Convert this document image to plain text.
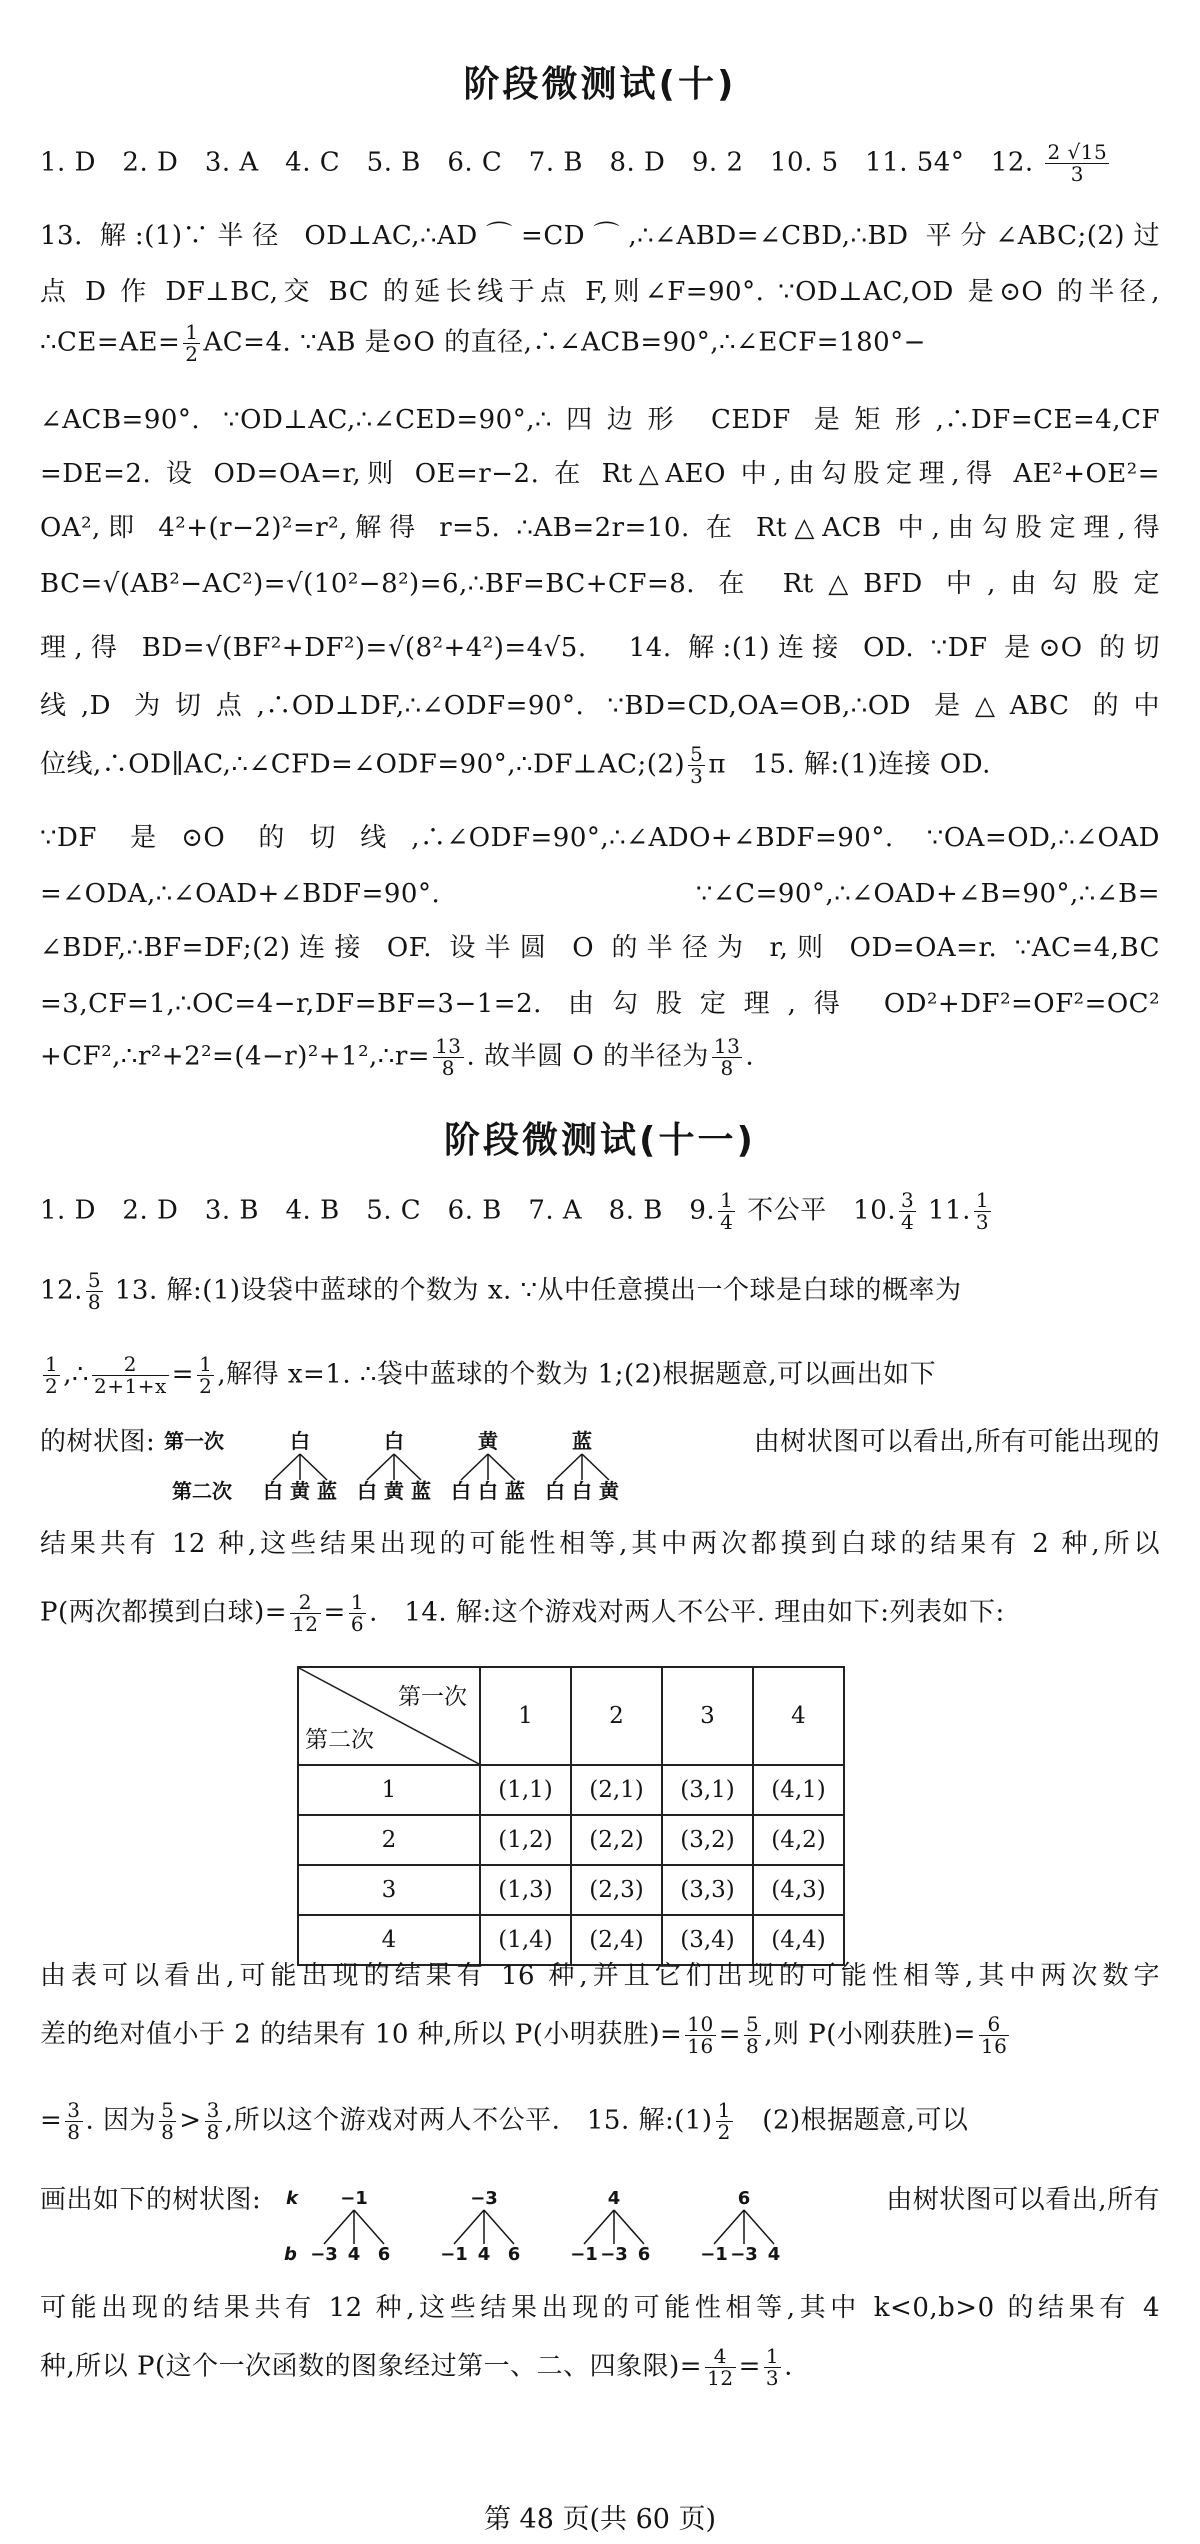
阶段微测试(十)
1. D　2. D　3. A　4. C　5. B　6. C　7. B　8. D　9. 2　10. 5　11. 54°　12. $\frac{2 √15}{3}$
13. 解:(1)∵半径 OD⊥AC,∴AD⌒=CD⌒,∴∠ABD=∠CBD,∴BD 平分∠ABC;(2)过
点 D 作 DF⊥BC,交 BC 的延长线于点 F,则∠F=90°. ∵OD⊥AC,OD 是⊙O 的半径,
∴CE=AE= $\frac{1}{2} AC=4$. ∵AB 是⊙O 的直径,∴∠ACB=90°,∴∠ECF=180°−
∠ACB=90°. ∵OD⊥AC,∴∠CED=90°,∴四边形 CEDF 是矩形,∴DF=CE=4,CF
=DE=2. 设 OD=OA=r,则 OE=r−2. 在 Rt△AEO 中,由勾股定理,得 AE²+OE²=
OA²,即 4²+(r−2)²=r²,解得 r=5. ∴AB=2r=10. 在 Rt△ACB 中,由勾股定理,得
BC=√(AB²−AC²)=√(10²−8²)=6,∴BF=BC+CF=8. 在 Rt△BFD 中,由勾股定
理,得 BD=√(BF²+DF²)=√(8²+4²)=4√5.　14. 解:(1)连接 OD. ∵DF 是⊙O 的切
线,D 为切点,∴OD⊥DF,∴∠ODF=90°. ∵BD=CD,OA=OB,∴OD 是△ABC 的中
位线,∴OD∥AC,∴∠CFD=∠ODF=90°,∴DF⊥AC;(2) $\frac{5}{3}$ π　15. 解:(1)连接 OD.
∵DF 是⊙O 的切线,∴∠ODF=90°,∴∠ADO+∠BDF=90°. ∵OA=OD,∴∠OAD
=∠ODA,∴∠OAD+∠BDF=90°. ∵∠C=90°,∴∠OAD+∠B=90°,∴∠B=
∠BDF,∴BF=DF;(2)连接 OF. 设半圆 O 的半径为 r,则 OD=OA=r. ∵AC=4,BC
=3,CF=1,∴OC=4−r,DF=BF=3−1=2. 由勾股定理,得 OD²+DF²=OF²=OC²
+CF²,∴r²+2²=(4−r)²+1²,∴r= $\frac{13}{8}$ . 故半圆 O 的半径为 $\frac{13}{8}$ .
阶段微测试(十一)
1. D　2. D　3. B　4. B　5. C　6. B　7. A　8. B　9. $\frac{1}{4}$ 不公平　10. $\frac{3}{4} 11$. $\frac{1}{3}$
12. $\frac{5}{8} 13$. 解:(1)设袋中蓝球的个数为 x. ∵从中任意摸出一个球是白球的概率为
$\frac{1}{2}$ ,∴ $\frac{2}{2+1+x} = \frac{1}{2}$ ,解得 x=1. ∴袋中蓝球的个数为 1;(2)根据题意,可以画出如下
的树状图:	由树状图可以看出,所有可能出现的
第一次
第二次
白
白 黄 蓝
白
白 黄 蓝
黄
白 白 蓝
蓝
白 白 黄
结果共有 12 种,这些结果出现的可能性相等,其中两次都摸到白球的结果有 2 种,所以
P(两次都摸到白球)= $\frac{2}{12} = \frac{1}{6}$ .　14. 解:这个游戏对两人不公平. 理由如下:列表如下:
第一次
第二次	1	2	3	4
1	(1,1)	(2,1)	(3,1)	(4,1)
2	(1,2)	(2,2)	(3,2)	(4,2)
3	(1,3)	(2,3)	(3,3)	(4,3)
4	(1,4)	(2,4)	(3,4)	(4,4)
由表可以看出,可能出现的结果有 16 种,并且它们出现的可能性相等,其中两次数字
差的绝对值小于 2 的结果有 10 种,所以 P(小明获胜)= $\frac{10}{16} = \frac{5}{8}$ ,则 P(小刚获胜)= $\frac{6}{16}$
= $\frac{3}{8}$ . 因为 $\frac{5}{8} > \frac{3}{8}$ ,所以这个游戏对两人不公平.　15. 解:(1) $\frac{1}{2}$ 　(2)根据题意,可以
画出如下的树状图:	由树状图可以看出,所有
k
b
−1
−3 4 6
−3
−1 4 6
4
−1 −3 6
6
−1 −3 4
可能出现的结果共有 12 种,这些结果出现的可能性相等,其中 k<0,b>0 的结果有 4
种,所以 P(这个一次函数的图象经过第一、二、四象限)= $\frac{4}{12} = \frac{1}{3}$ .
第 48 页(共 60 页)
